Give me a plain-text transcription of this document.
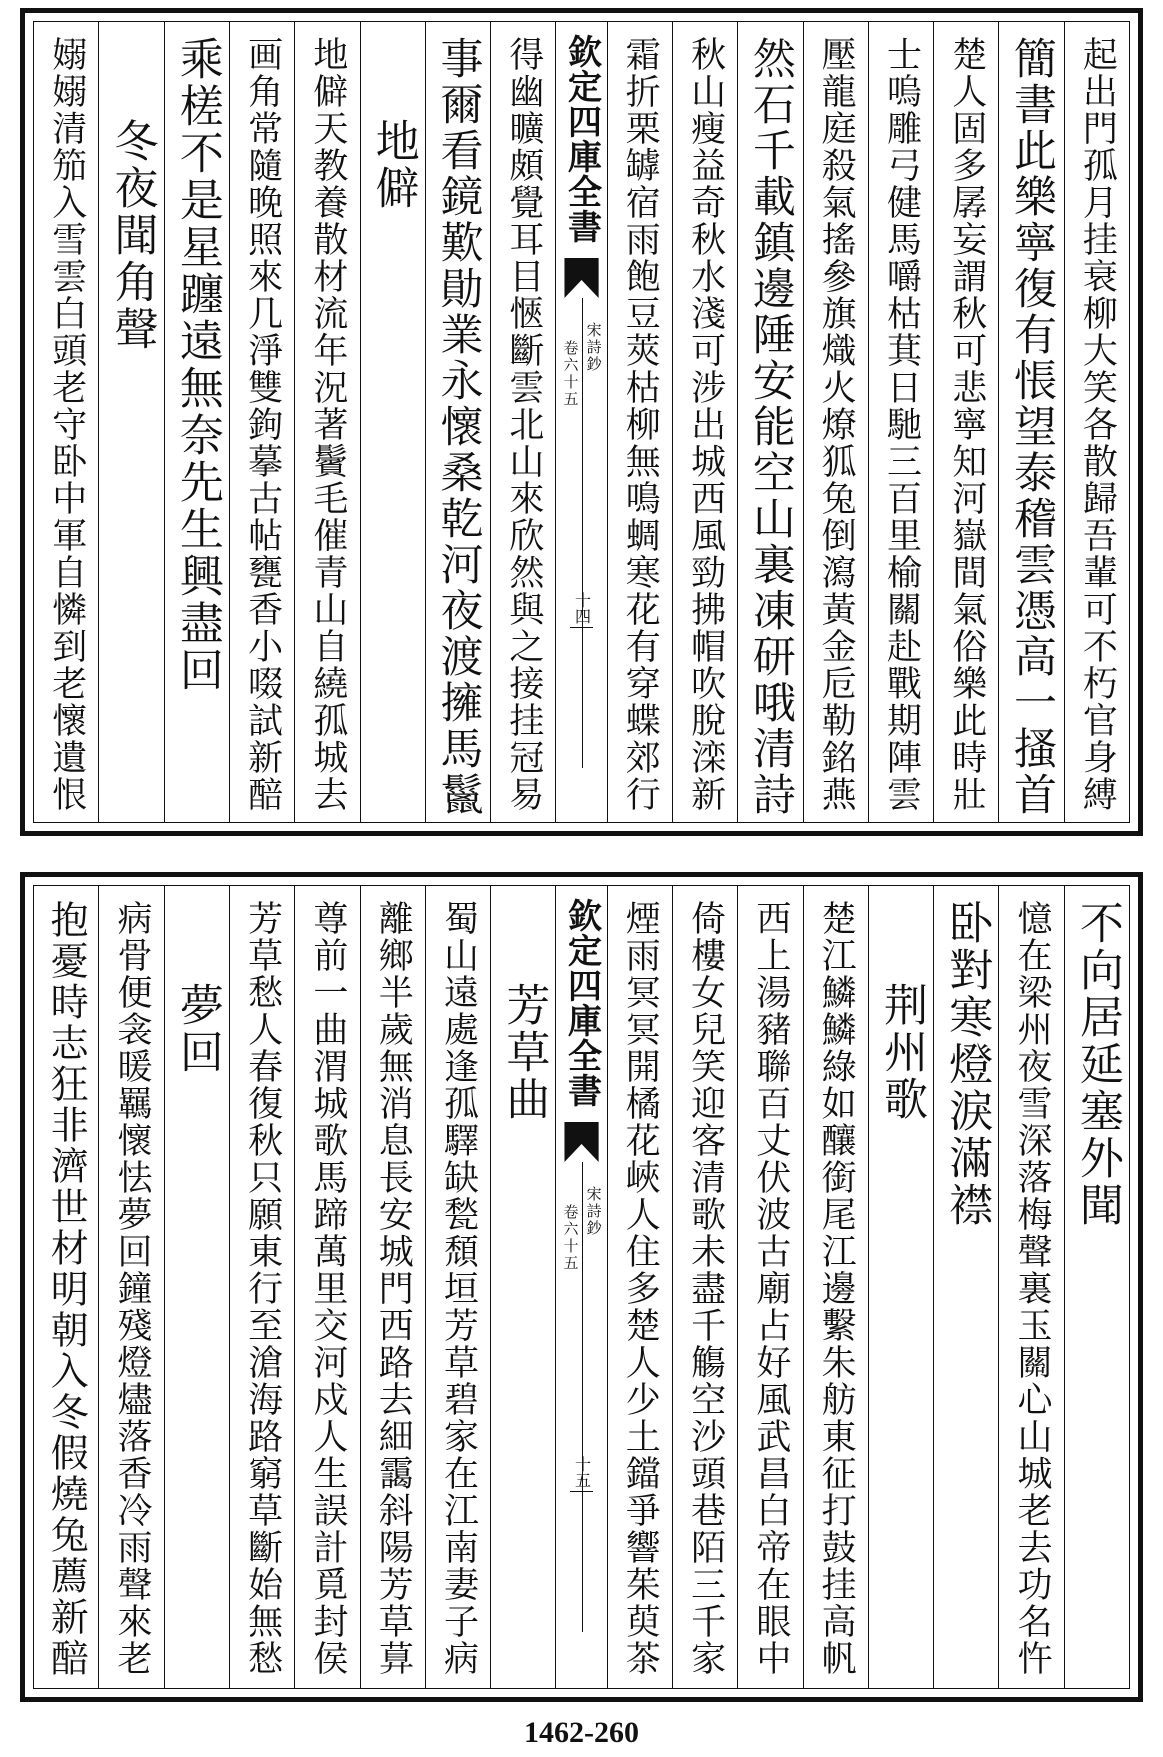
起出門孤月挂衰柳大笑各散歸吾輩可不朽官身縛
簡書此樂寧復有悵望泰稽雲憑高一搔首
楚人固多孱妄謂秋可悲寧知河嶽間氣俗樂此時壯
士嗚雕弓健馬嚼枯萁日馳三百里榆關赴戰期陣雲
壓龍庭殺氣搖參旗熾火燎狐兔倒瀉黃金卮勒銘燕
然石千載鎮邊陲安能空山裏凍研哦清詩
秋山瘦益奇秋水淺可涉出城西風勁拂帽吹脫滦新
霜折栗罅宿雨飽豆莢枯柳無鳴蜩寒花有穿蝶郊行
欽定四庫全書
宋詩鈔
卷六十五
十四
得幽曠頗覺耳目愜斷雲北山來欣然與之接挂冠易
事爾看鏡歎勛業永懷桑乾河夜渡擁馬鬣
地僻
地僻天教養散材流年況著鬢毛催青山自繞孤城去
画角常隨晚照來几淨雙鉤摹古帖甕香小啜試新醅
乘槎不是星躔遠無奈先生興盡回
冬夜聞角聲
嫋嫋清笳入雪雲白頭老守卧中軍自憐到老懷遺恨
不向居延塞外聞
憶在梁州夜雪深落梅聲裏玉關心山城老去功名忤
卧對寒燈淚滿襟
荆州歌
楚江鱗鱗綠如釀銜尾江邊繫朱舫東征打鼓挂高帆
西上湯豬聯百丈伏波古廟占好風武昌白帝在眼中
倚樓女兒笑迎客清歌未盡千觴空沙頭巷陌三千家
煙雨冥冥開橘花峽人住多楚人少土鐺爭響茱萸茶
欽定四庫全書
宋詩鈔
卷六十五
十五
芳草曲
蜀山遠處逢孤驛缺甃頹垣芳草碧家在江南妻子病
離鄉半歲無消息長安城門西路去細靄斜陽芳草萛
尊前一曲渭城歌馬蹄萬里交河戍人生誤計覓封侯
芳草愁人春復秋只願東行至滄海路窮草斷始無愁
夢回
病骨便衾暖羈懷怯夢回鐘殘燈燼落香冷雨聲來老
抱憂時志狂非濟世材明朝入冬假燒兔薦新醅
1462-260
